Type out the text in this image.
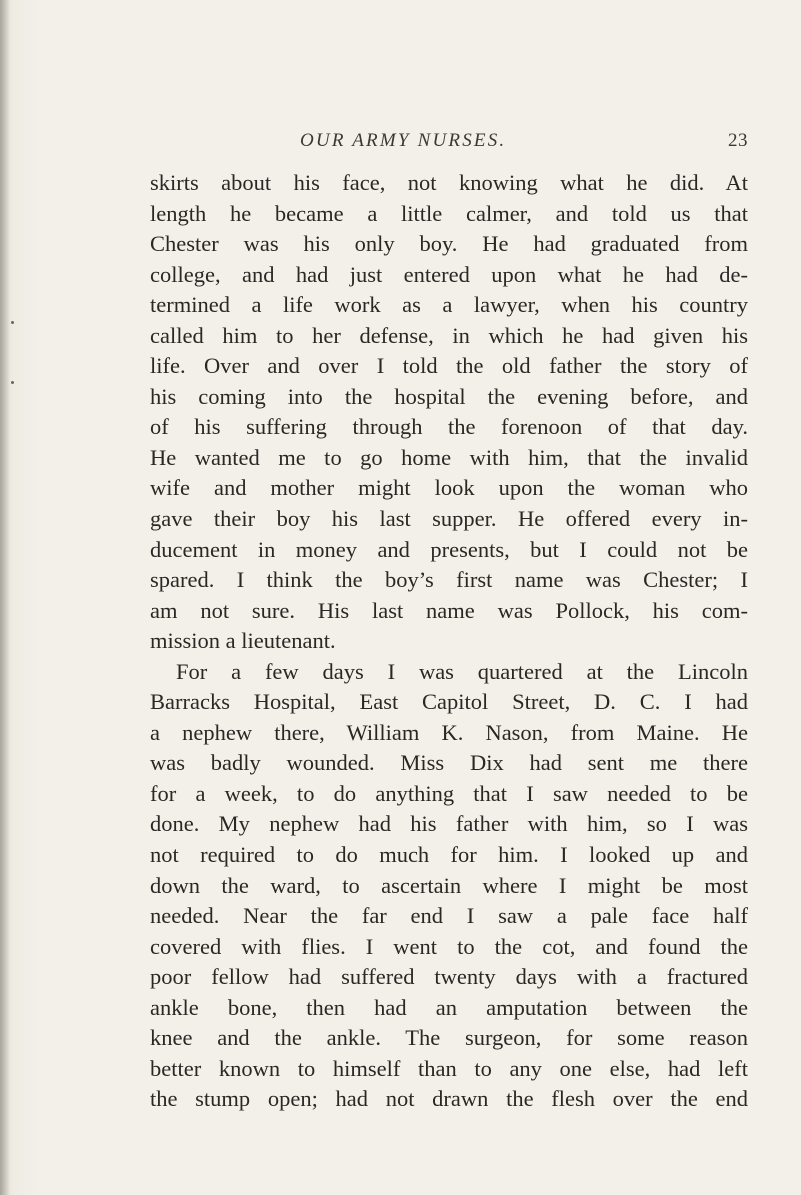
OUR ARMY NURSES.	23
skirts about his face, not knowing what he did. At
length he became a little calmer, and told us that
Chester was his only boy. He had graduated from
college, and had just entered upon what he had de-
termined a life work as a lawyer, when his country
called him to her defense, in which he had given his
life. Over and over I told the old father the story of
his coming into the hospital the evening before, and
of his suffering through the forenoon of that day.
He wanted me to go home with him, that the invalid
wife and mother might look upon the woman who
gave their boy his last supper. He offered every in-
ducement in money and presents, but I could not be
spared. I think the boy’s first name was Chester; I
am not sure. His last name was Pollock, his com-
mission a lieutenant.
For a few days I was quartered at the Lincoln
Barracks Hospital, East Capitol Street, D. C. I had
a nephew there, William K. Nason, from Maine. He
was badly wounded. Miss Dix had sent me there
for a week, to do anything that I saw needed to be
done. My nephew had his father with him, so I was
not required to do much for him. I looked up and
down the ward, to ascertain where I might be most
needed. Near the far end I saw a pale face half
covered with flies. I went to the cot, and found the
poor fellow had suffered twenty days with a fractured
ankle bone, then had an amputation between the
knee and the ankle. The surgeon, for some reason
better known to himself than to any one else, had left
the stump open; had not drawn the flesh over the end
